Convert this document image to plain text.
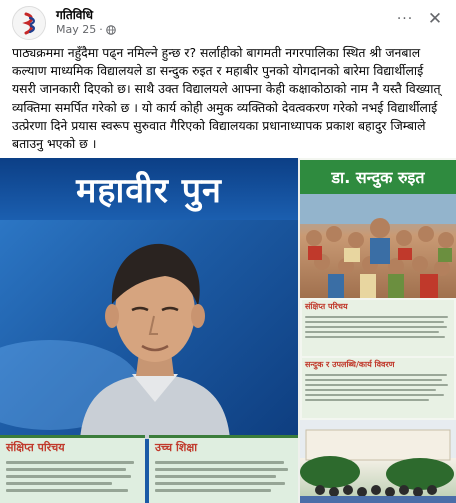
गतिविधि
May 25 ·
··· ✕
पाठ्यक्रममा नहुँदैमा पढ्न नमिल्ने हुन्छ र? सर्लाहीको बागमती नगरपालिका स्थित श्री जनबाल कल्याण माध्यमिक विद्यालयले डा सन्दुक रुइत र महाबीर पुनको योगदानको बारेमा विद्यार्थीलाई यसरी जानकारी दिएको छ। साथै उक्त विद्यालयले आफ्ना केही कक्षाकोठाको नाम नै यस्तै विख्यात् व्यक्तिमा समर्पित गरेको छ । यो कार्य कोही अमुक व्यक्तिको देवत्वकरण गरेको नभई विद्यार्थीलाई उत्प्रेरणा दिने प्रयास स्वरूप सुरुवात गैरिएको विद्यालयका प्रधानाध्यापक प्रकाश बहादुर जिम्बाले बताउनु भएको छ ।
महावीर पुन
संक्षिप्त परिचय	उच्च शिक्षा
डा. सन्दुक रुइत
संक्षिप्त परिचय
सन्दुक र उपलब्धि/कार्य विवरण
